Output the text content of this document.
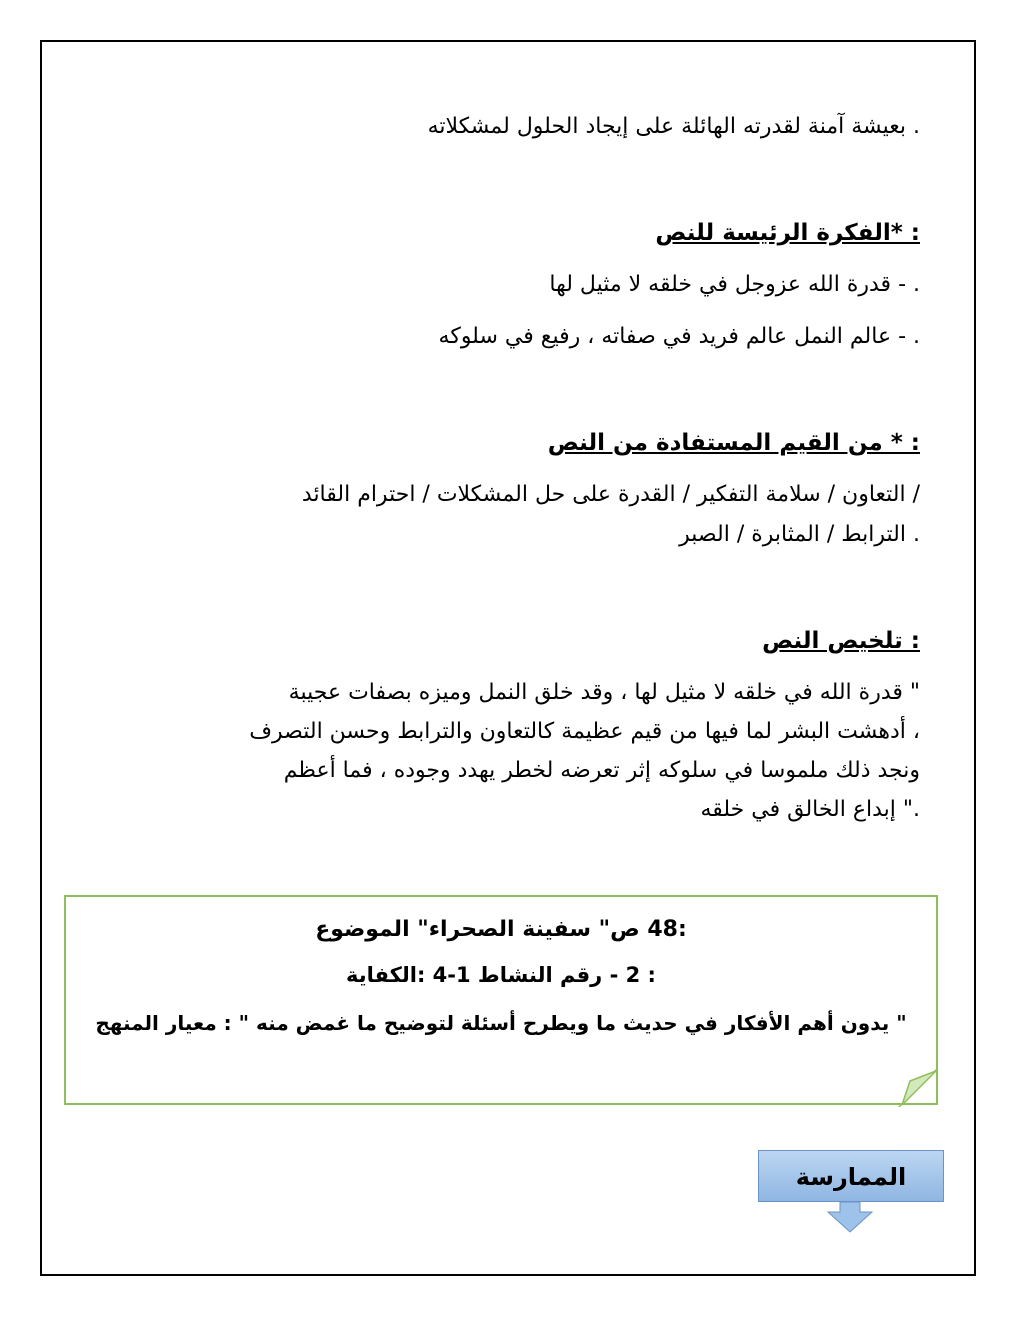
. بعيشة آمنة لقدرته الهائلة على إيجاد الحلول لمشكلاته
: *الفكرة الرئيسة للنص
. - قدرة الله عزوجل في خلقه لا مثيل لها
. - عالم النمل عالم فريد في صفاته ، رفيع في سلوكه
: * من القيم المستفادة من النص
/ التعاون / سلامة التفكير / القدرة على حل المشكلات / احترام القائد
. الترابط / المثابرة / الصبر
: تلخيص النص
" قدرة الله في خلقه لا مثيل لها ، وقد خلق النمل وميزه بصفات عجيبة
، أدهشت البشر لما فيها من قيم عظيمة كالتعاون والترابط وحسن التصرف
ونجد ذلك ملموسا في سلوكه إثر تعرضه لخطر يهدد وجوده ، فما أعظم
." إبداع الخالق في خلقه
:48 ص" سفينة الصحراء" الموضوع
: 2 - رقم النشاط 1-4 :الكفاية
" يدون أهم الأفكار في حديث ما ويطرح أسئلة لتوضيح ما غمض منه " : معيار المنهج
الممارسة
